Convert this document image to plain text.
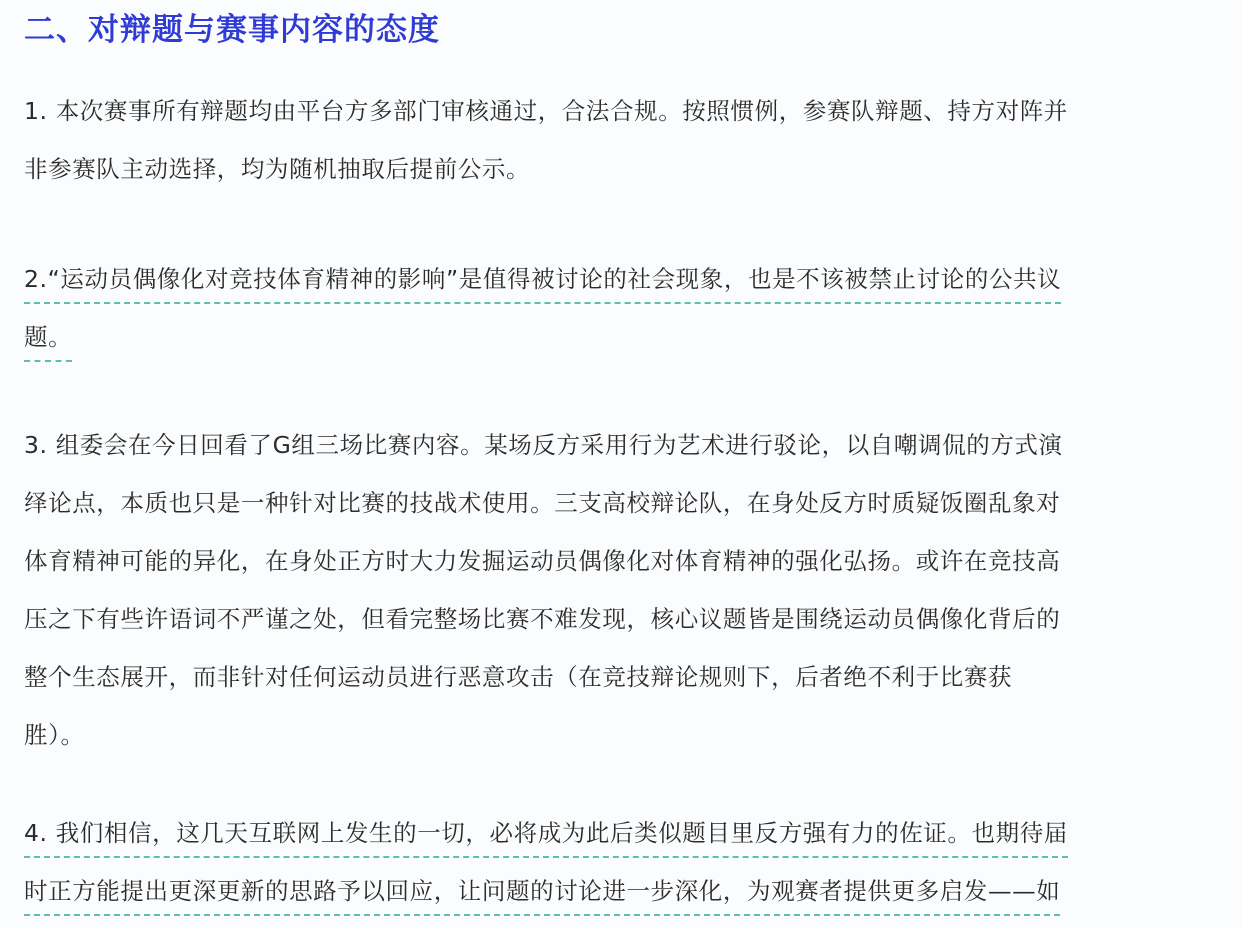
二、对辩题与赛事内容的态度
1. 本次赛事所有辩题均由平台方多部门审核通过，合法合规。按照惯例，参赛队辩题、持方对阵并
非参赛队主动选择，均为随机抽取后提前公示。
2.“运动员偶像化对竞技体育精神的影响”是值得被讨论的社会现象，也是不该被禁止讨论的公共议
题。
3. 组委会在今日回看了G组三场比赛内容。某场反方采用行为艺术进行驳论，以自嘲调侃的方式演
绎论点，本质也只是一种针对比赛的技战术使用。三支高校辩论队，在身处反方时质疑饭圈乱象对
体育精神可能的异化，在身处正方时大力发掘运动员偶像化对体育精神的强化弘扬。或许在竞技高
压之下有些许语词不严谨之处，但看完整场比赛不难发现，核心议题皆是围绕运动员偶像化背后的
整个生态展开，而非针对任何运动员进行恶意攻击（在竞技辩论规则下，后者绝不利于比赛获
胜）。
4. 我们相信，这几天互联网上发生的一切，必将成为此后类似题目里反方强有力的佐证。也期待届
时正方能提出更深更新的思路予以回应，让问题的讨论进一步深化，为观赛者提供更多启发——如
